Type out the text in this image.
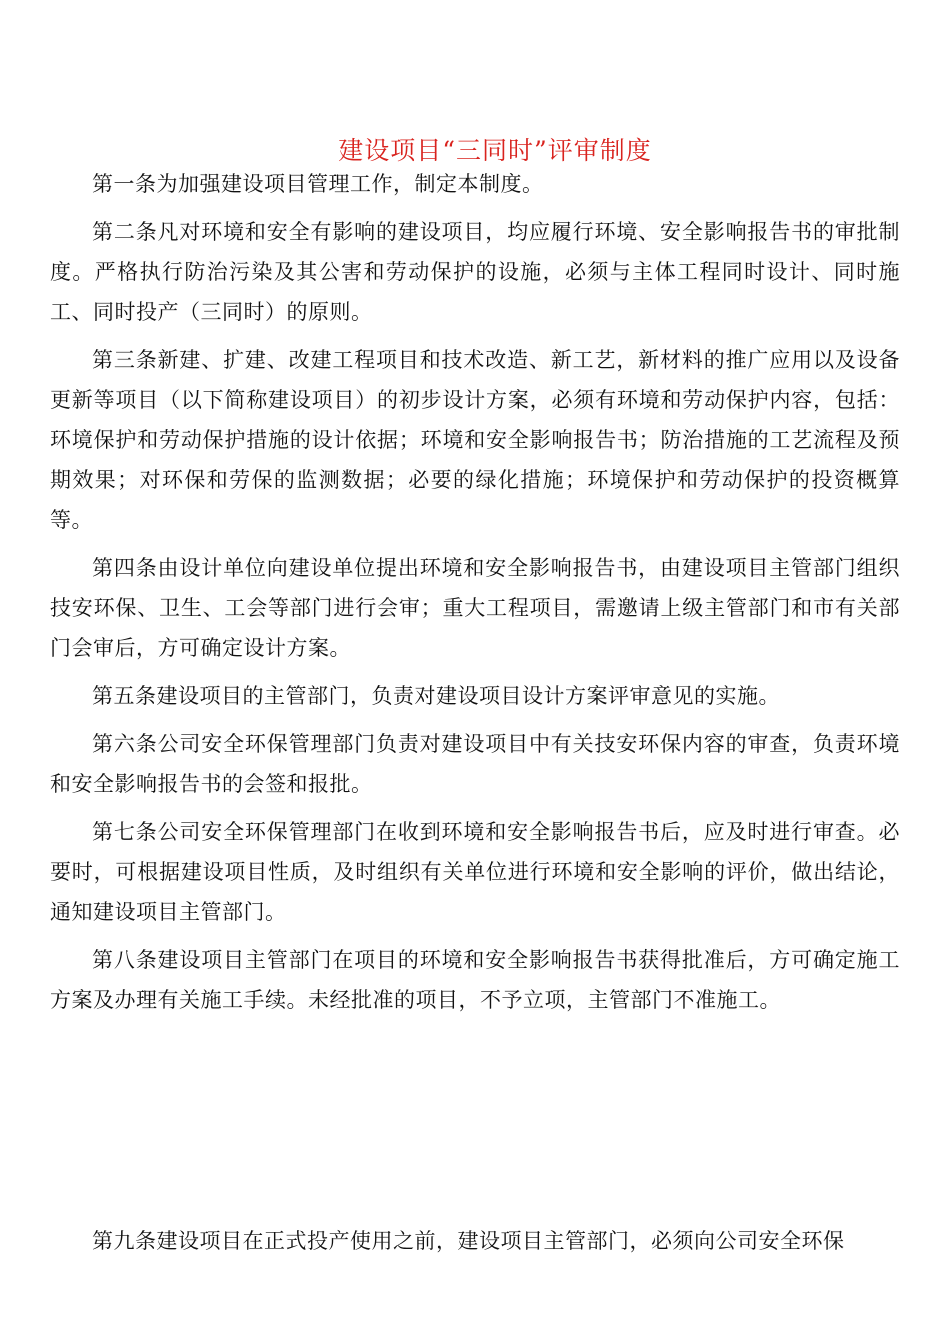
建设项目“三同时”评审制度

第一条为加强建设项目管理工作，制定本制度。

第二条凡对环境和安全有影响的建设项目，均应履行环境、安全影响报告书的审批制度。严格执行防治污染及其公害和劳动保护的设施，必须与主体工程同时设计、同时施工、同时投产（三同时）的原则。

第三条新建、扩建、改建工程项目和技术改造、新工艺，新材料的推广应用以及设备更新等项目（以下简称建设项目）的初步设计方案，必须有环境和劳动保护内容，包括：环境保护和劳动保护措施的设计依据；环境和安全影响报告书；防治措施的工艺流程及预期效果；对环保和劳保的监测数据；必要的绿化措施；环境保护和劳动保护的投资概算等。

第四条由设计单位向建设单位提出环境和安全影响报告书，由建设项目主管部门组织技安环保、卫生、工会等部门进行会审；重大工程项目，需邀请上级主管部门和市有关部门会审后，方可确定设计方案。

第五条建设项目的主管部门，负责对建设项目设计方案评审意见的实施。

第六条公司安全环保管理部门负责对建设项目中有关技安环保内容的审查，负责环境和安全影响报告书的会签和报批。

第七条公司安全环保管理部门在收到环境和安全影响报告书后，应及时进行审查。必要时，可根据建设项目性质，及时组织有关单位进行环境和安全影响的评价，做出结论，通知建设项目主管部门。

第八条建设项目主管部门在项目的环境和安全影响报告书获得批准后，方可确定施工方案及办理有关施工手续。未经批准的项目，不予立项，主管部门不准施工。

第九条建设项目在正式投产使用之前，建设项目主管部门，必须向公司安全环保
